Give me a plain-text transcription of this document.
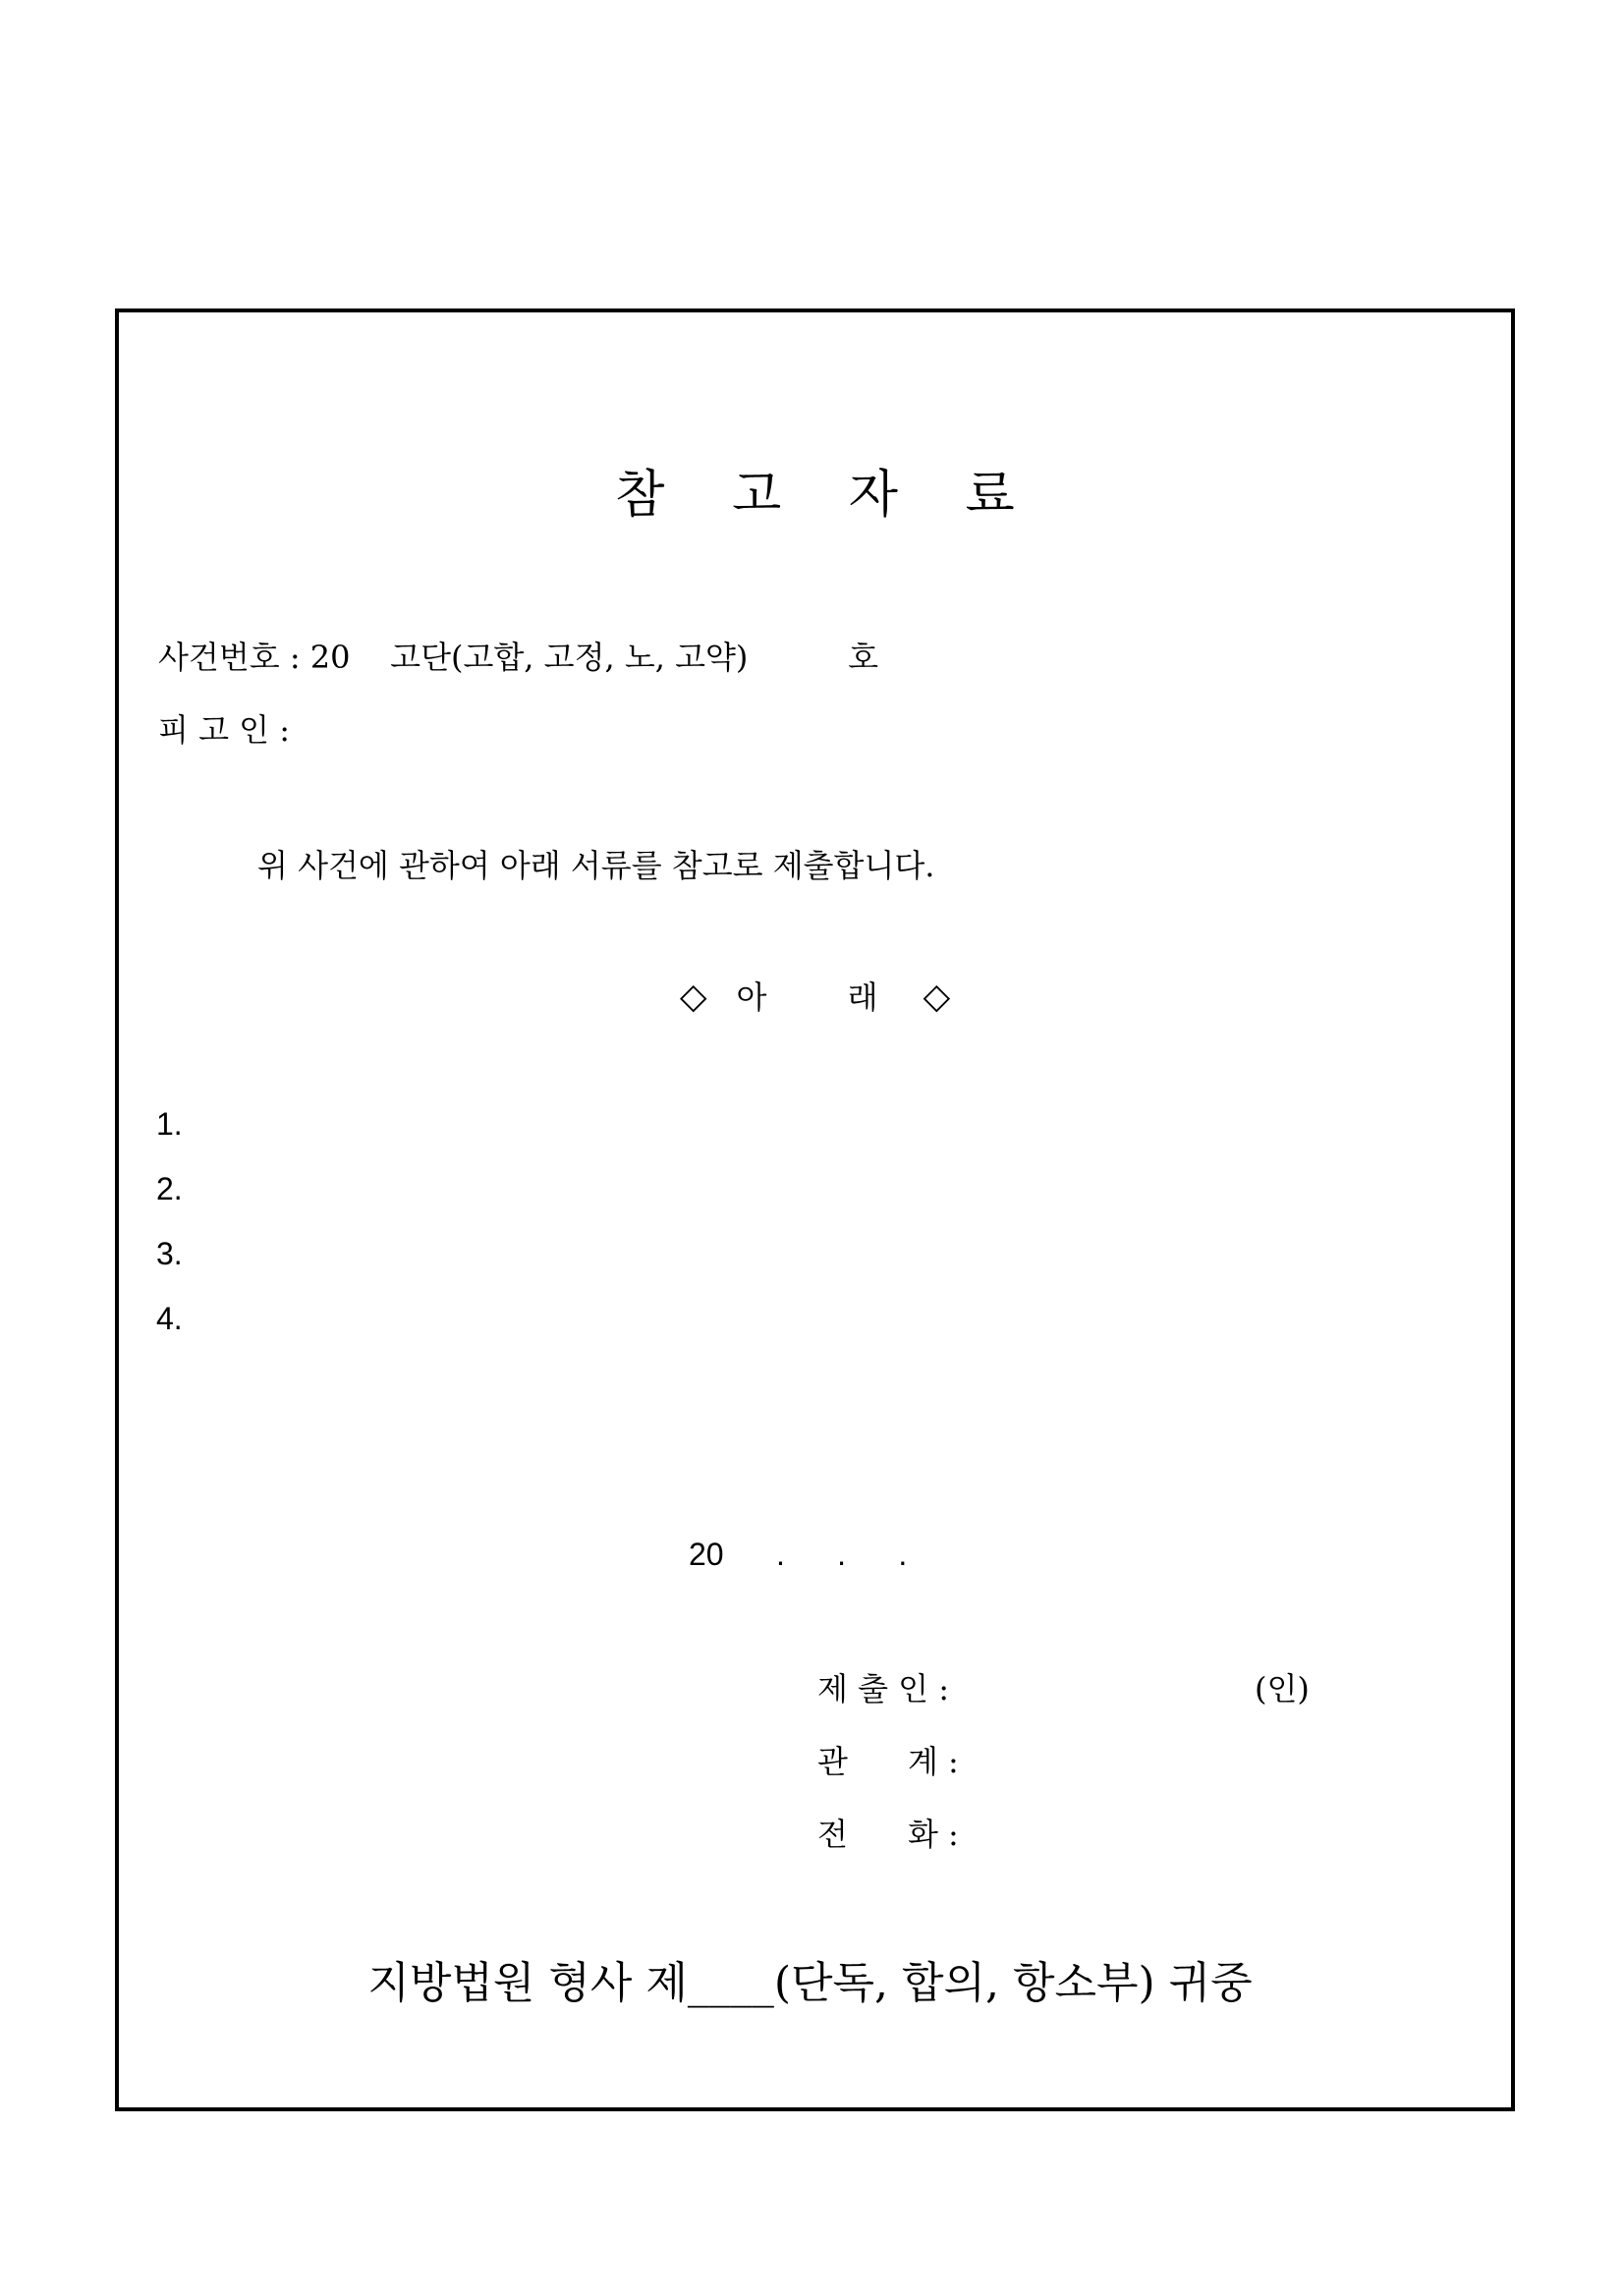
참 고 자 료
사건번호 : 20    고단(고합, 고정, 노, 고약)          호
피 고 인 :
위 사건에 관하여 아래 서류를 참고로 제출합니다.
◇ 아 래 ◇
1.
2.
3.
4.
20      .      .      .
제 출 인 :	(인)
관      계 :
전      화 :
지방법원 형사 제____(단독, 합의, 항소부) 귀중
